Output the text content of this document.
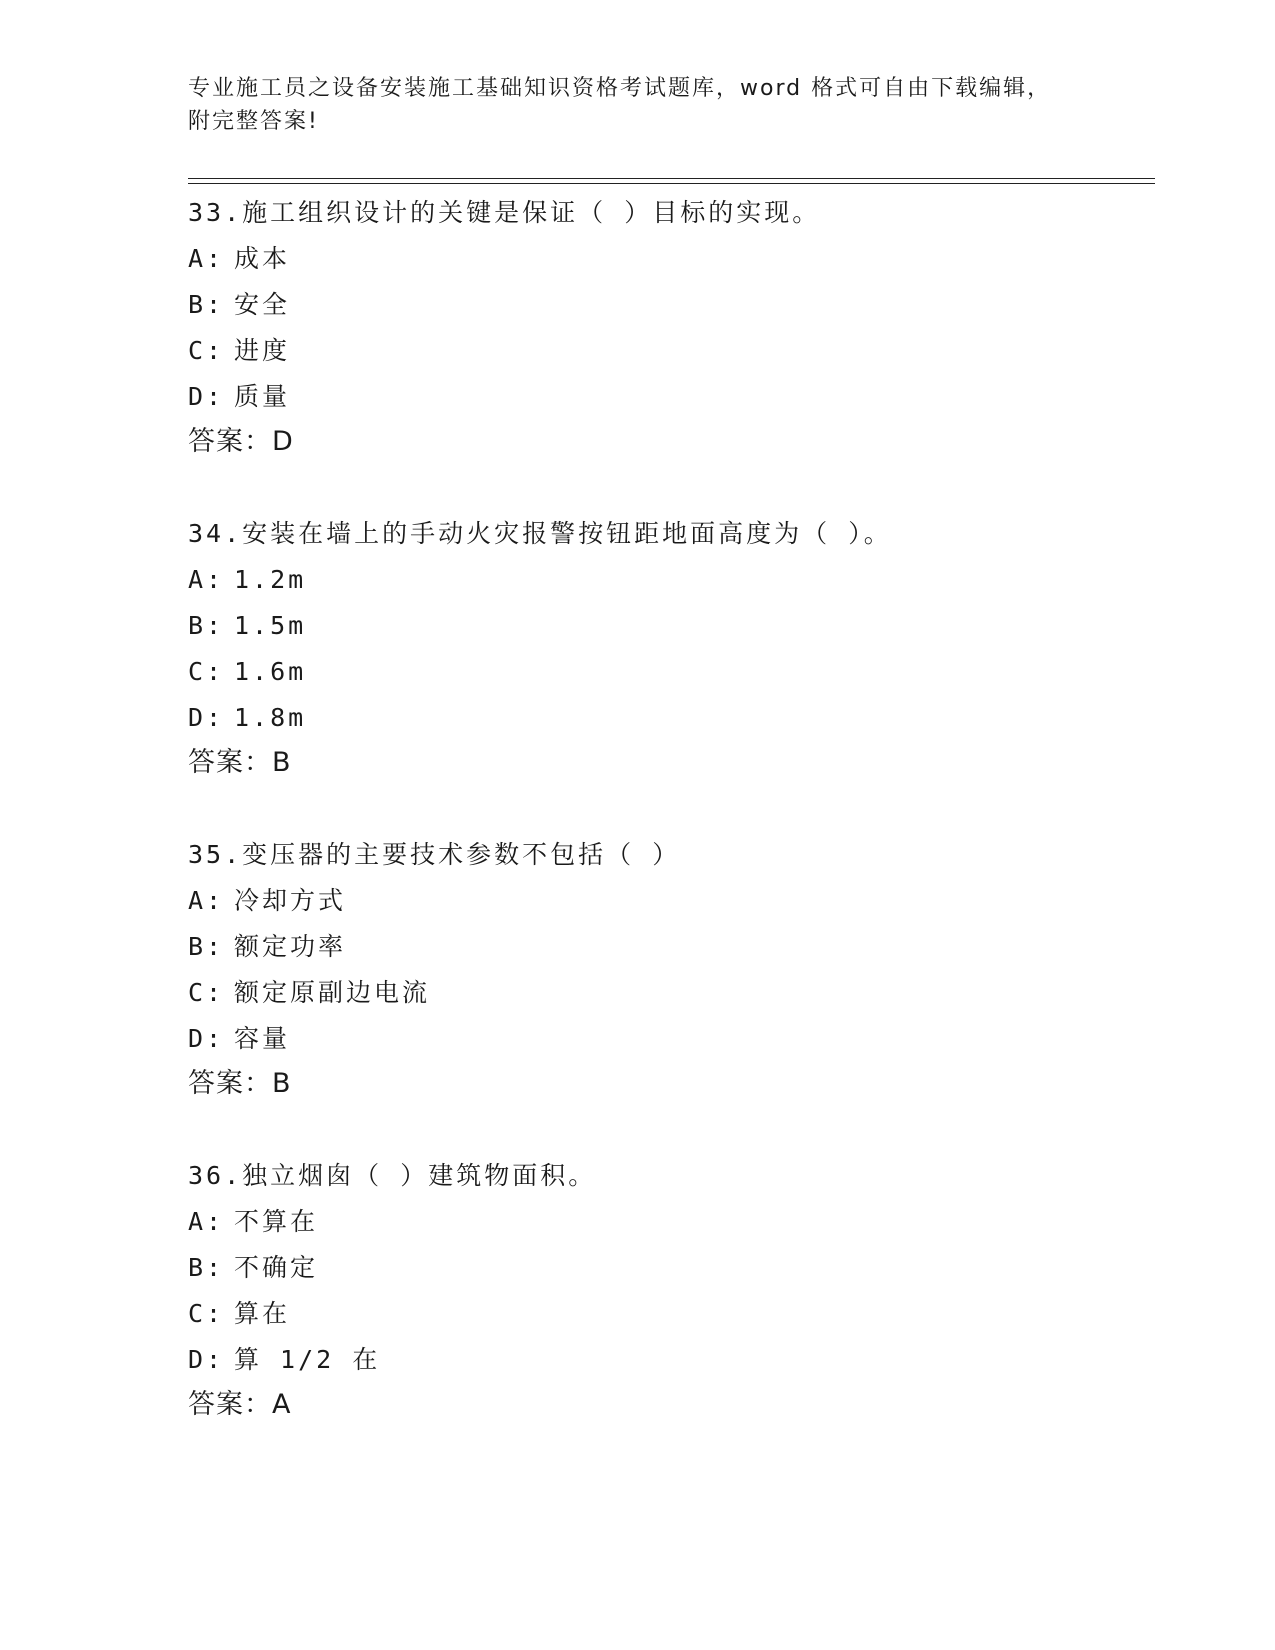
专业施工员之设备安装施工基础知识资格考试题库，word 格式可自由下载编辑，
附完整答案!
33.施工组织设计的关键是保证（ ）目标的实现。
A: 成本
B: 安全
C: 进度
D: 质量
答案：D
34.安装在墙上的手动火灾报警按钮距地面高度为（ ）。
A: 1.2m
B: 1.5m
C: 1.6m
D: 1.8m
答案：B
35.变压器的主要技术参数不包括（ ）
A: 冷却方式
B: 额定功率
C: 额定原副边电流
D: 容量
答案：B
36.独立烟囱（ ）建筑物面积。
A: 不算在
B: 不确定
C: 算在
D: 算 1/2 在
答案：A
